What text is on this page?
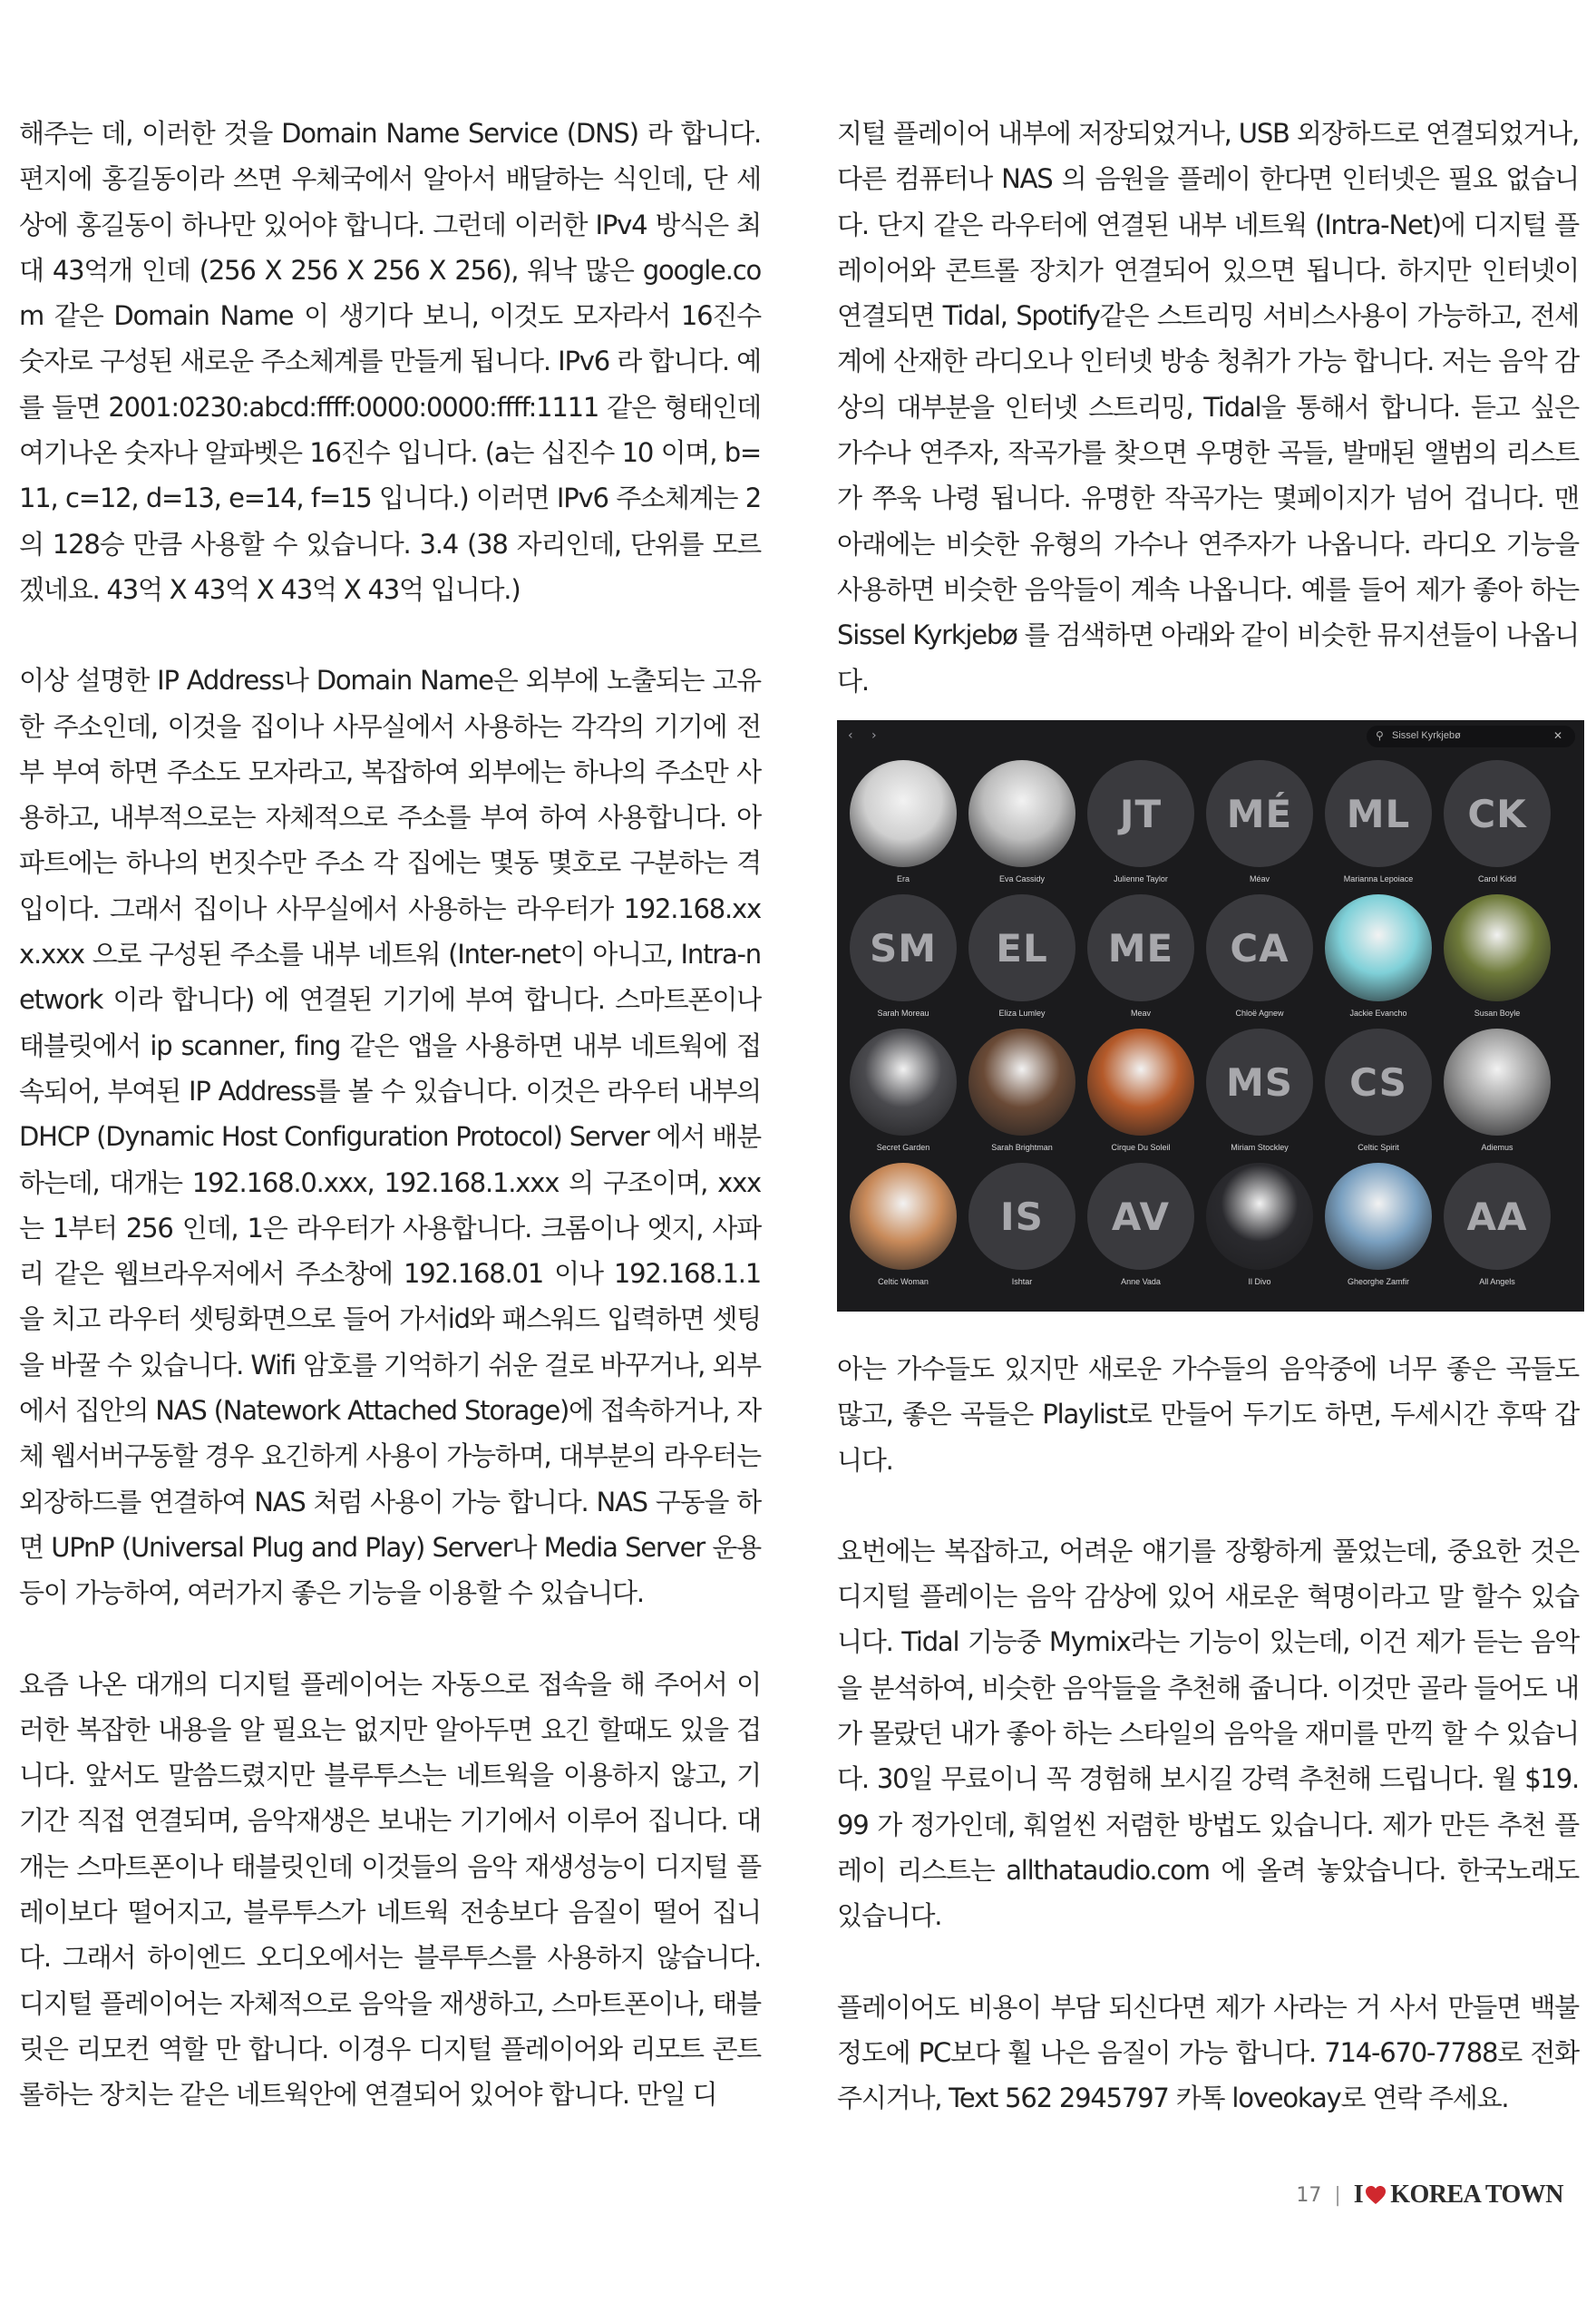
해주는 데, 이러한 것을 Domain Name Service (DNS) 라 합니다. 편지에 홍길동이라 쓰면 우체국에서 알아서 배달하는 식인데, 단 세상에 홍길동이 하나만 있어야 합니다. 그런데 이러한 IPv4 방식은 최대 43억개 인데 (256 X 256 X 256 X 256), 워낙 많은 google.com 같은 Domain Name 이 생기다 보니, 이것도 모자라서 16진수 숫자로 구성된 새로운 주소체계를 만들게 됩니다. IPv6 라 합니다. 예를 들면 2001:0230:abcd:ffff:0000:0000:ffff:1111 같은 형태인데 여기나온 숫자나 알파벳은 16진수 입니다. (a는 십진수 10 이며, b=11, c=12, d=13, e=14, f=15 입니다.) 이러면 IPv6 주소체계는 2의 128승 만큼 사용할 수 있습니다. 3.4 (38 자리인데, 단위를 모르겠네요. 43억 X 43억 X 43억 X 43억 입니다.)

이상 설명한 IP Address나 Domain Name은 외부에 노출되는 고유한 주소인데, 이것을 집이나 사무실에서 사용하는 각각의 기기에 전부 부여 하면 주소도 모자라고, 복잡하여 외부에는 하나의 주소만 사용하고, 내부적으로는 자체적으로 주소를 부여 하여 사용합니다. 아파트에는 하나의 번짓수만 주소 각 집에는 몇동 몇호로 구분하는 격 입이다. 그래서 집이나 사무실에서 사용하는 라우터가 192.168.xxx.xxx 으로 구성된 주소를 내부 네트워 (Inter-net이 아니고, Intra-network 이라 합니다) 에 연결된 기기에 부여 합니다. 스마트폰이나 태블릿에서 ip scanner, fing 같은 앱을 사용하면 내부 네트웍에 접속되어, 부여된 IP Address를 볼 수 있습니다. 이것은 라우터 내부의 DHCP (Dynamic Host Configuration Protocol) Server 에서 배분하는데, 대개는 192.168.0.xxx, 192.168.1.xxx 의 구조이며, xxx는 1부터 256 인데, 1은 라우터가 사용합니다. 크롬이나 엣지, 사파리 같은 웹브라우저에서 주소창에 192.168.01 이나 192.168.1.1을 치고 라우터 셋팅화면으로 들어 가서id와 패스워드 입력하면 셋팅을 바꿀 수 있습니다. Wifi 암호를 기억하기 쉬운 걸로 바꾸거나, 외부에서 집안의 NAS (Natework Attached Storage)에 접속하거나, 자체 웹서버구동할 경우 요긴하게 사용이 가능하며, 대부분의 라우터는 외장하드를 연결하여 NAS 처럼 사용이 가능 합니다. NAS 구동을 하면 UPnP (Universal Plug and Play) Server나 Media Server 운용등이 가능하여, 여러가지 좋은 기능을 이용할 수 있습니다.

요즘 나온 대개의 디지털 플레이어는 자동으로 접속을 해 주어서 이러한 복잡한 내용을 알 필요는 없지만 알아두면 요긴 할때도 있을 겁니다. 앞서도 말씀드렸지만 블루투스는 네트웍을 이용하지 않고, 기기간 직접 연결되며, 음악재생은 보내는 기기에서 이루어 집니다. 대개는 스마트폰이나 태블릿인데 이것들의 음악 재생성능이 디지털 플레이보다 떨어지고, 블루투스가 네트웍 전송보다 음질이 떨어 집니다. 그래서 하이엔드 오디오에서는 블루투스를 사용하지 않습니다. 디지털 플레이어는 자체적으로 음악을 재생하고, 스마트폰이나, 태블릿은 리모컨 역할 만 합니다. 이경우 디지털 플레이어와 리모트 콘트롤하는 장치는 같은 네트웍안에 연결되어 있어야 합니다. 만일 디

지털 플레이어 내부에 저장되었거나, USB 외장하드로 연결되었거나, 다른 컴퓨터나 NAS 의 음원을 플레이 한다면 인터넷은 필요 없습니다. 단지 같은 라우터에 연결된 내부 네트웍 (Intra-Net)에 디지털 플레이어와 콘트롤 장치가 연결되어 있으면 됩니다. 하지만 인터넷이 연결되면 Tidal, Spotify같은 스트리밍 서비스사용이 가능하고, 전세계에 산재한 라디오나 인터넷 방송 청취가 가능 합니다. 저는 음악 감상의 대부분을 인터넷 스트리밍, Tidal을 통해서 합니다. 듣고 싶은 가수나 연주자, 작곡가를 찾으면 우명한 곡들, 발매된 앨범의 리스트가 쭈욱 나령 됩니다. 유명한 작곡가는 몇페이지가 넘어 겁니다. 맨 아래에는 비슷한 유형의 가수나 연주자가 나옵니다. 라디오 기능을 사용하면 비슷한 음악들이 계속 나옵니다. 예를 들어 제가 좋아 하는 Sissel Kyrkjebø 를 검색하면 아래와 같이 비슷한 뮤지션들이 나옵니다.

‹ ›	⚲ Sissel Kyrkjebø	✕
Era	Eva Cassidy
JT
Julienne Taylor
MÉ
Méav
ML
Marianna Lepoiace
CK
Carol Kidd
SM
Sarah Moreau
EL
Eliza Lumley
ME
Meav
CA
Chloë Agnew	Jackie Evancho	Susan Boyle
Secret Garden	Sarah Brightman	Cirque Du Soleil
MS
Miriam Stockley
CS
Celtic Spirit	Adiemus
Celtic Woman
IS
Ishtar
AV
Anne Vada	Il Divo	Gheorghe Zamfir
AA
All Angels

아는 가수들도 있지만 새로운 가수들의 음악중에 너무 좋은 곡들도 많고, 좋은 곡들은 Playlist로 만들어 두기도 하면, 두세시간 후딱 갑니다.

요번에는 복잡하고, 어려운 얘기를 장황하게 풀었는데, 중요한 것은 디지털 플레이는 음악 감상에 있어 새로운 혁명이라고 말 할수 있습니다. Tidal 기능중 Mymix라는 기능이 있는데, 이건 제가 듣는 음악을 분석하여, 비슷한 음악들을 추천해 줍니다. 이것만 골라 들어도 내가 몰랐던 내가 좋아 하는 스타일의 음악을 재미를 만끽 할 수 있습니다. 30일 무료이니 꼭 경험해 보시길 강력 추천해 드립니다. 월 $19.99 가 정가인데, 훠얼씬 저렴한 방법도 있습니다. 제가 만든 추천 플레이 리스트는 allthataudio.com 에 올려 놓았습니다. 한국노래도 있습니다.

플레이어도 비용이 부담 되신다면 제가 사라는 거 사서 만들면 백불 정도에 PC보다 훨 나은 음질이 가능 합니다. 714-670-7788로 전화 주시거나, Text 562 2945797 카톡 loveokay로 연락 주세요.

17 | I KOREA TOWN
